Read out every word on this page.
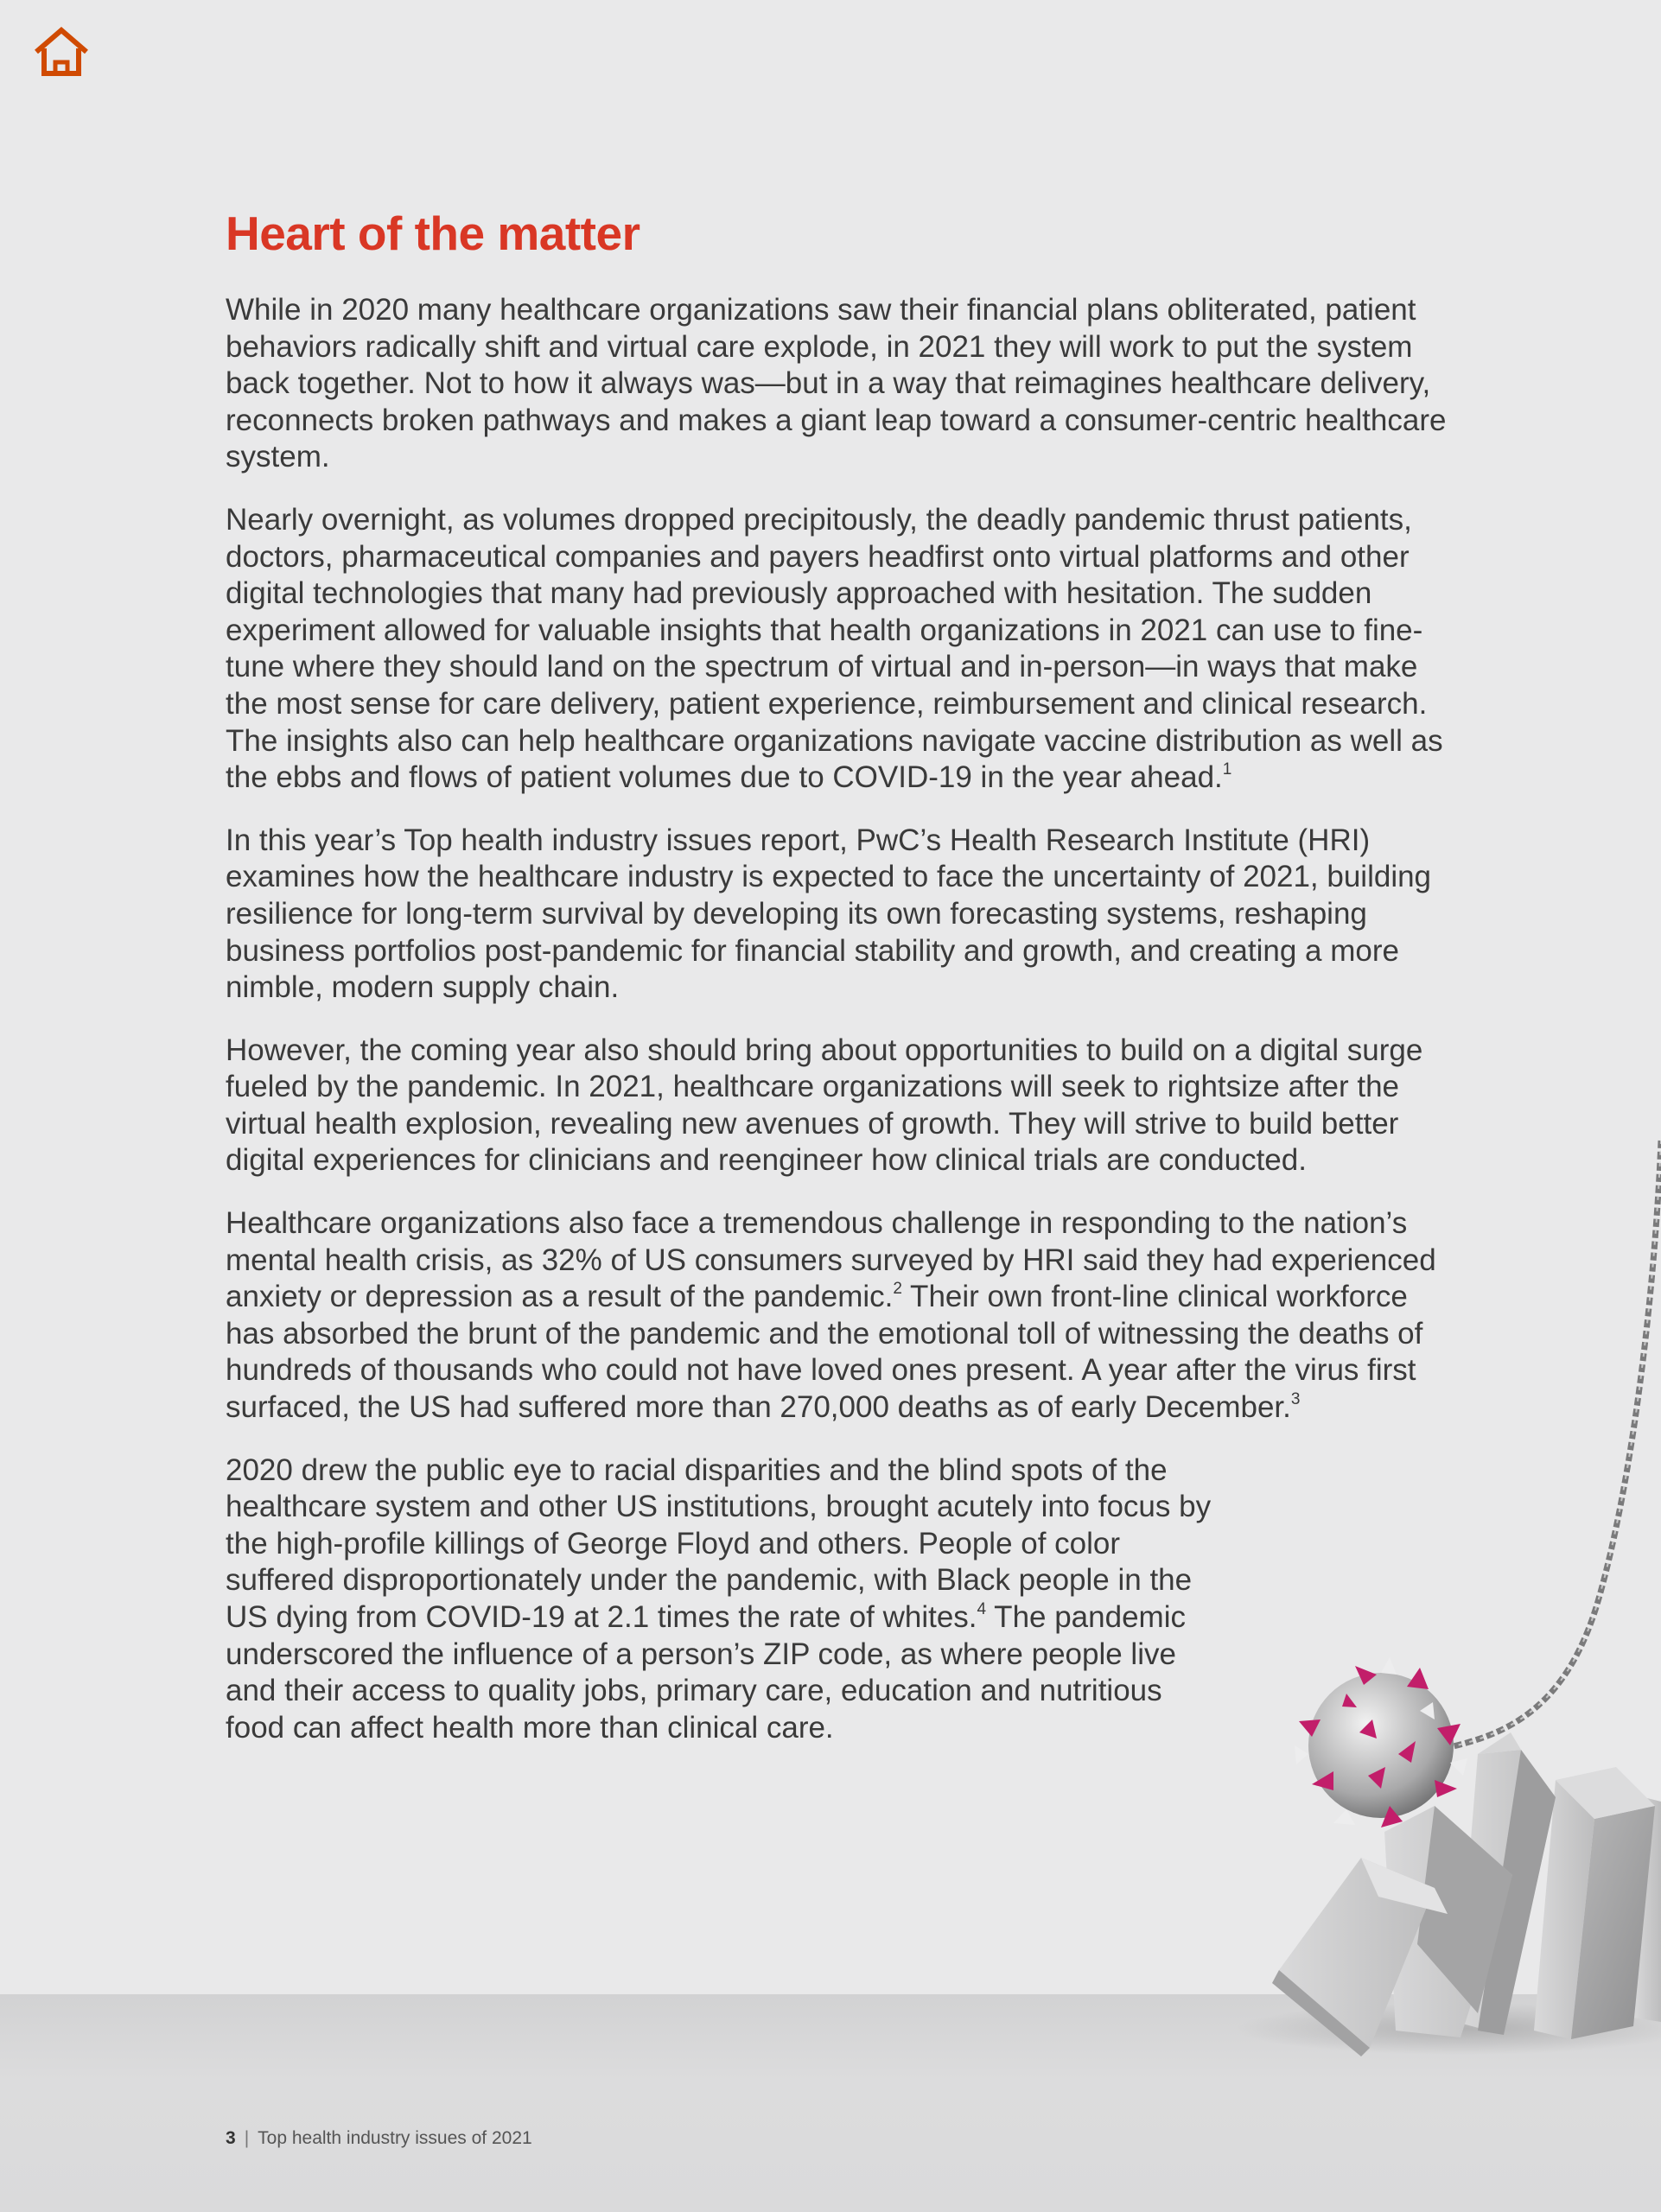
Heart of the matter

While in 2020 many healthcare organizations saw their financial plans obliterated, patient behaviors radically shift and virtual care explode, in 2021 they will work to put the system back together. Not to how it always was—but in a way that reimagines healthcare delivery, reconnects broken pathways and makes a giant leap toward a consumer-centric healthcare system.

Nearly overnight, as volumes dropped precipitously, the deadly pandemic thrust patients, doctors, pharmaceutical companies and payers headfirst onto virtual platforms and other digital technologies that many had previously approached with hesitation. The sudden experiment allowed for valuable insights that health organizations in 2021 can use to fine-tune where they should land on the spectrum of virtual and in-person—in ways that make the most sense for care delivery, patient experience, reimbursement and clinical research. The insights also can help healthcare organizations navigate vaccine distribution as well as the ebbs and flows of patient volumes due to COVID-19 in the year ahead.$^1$

In this year’s Top health industry issues report, PwC’s Health Research Institute (HRI) examines how the healthcare industry is expected to face the uncertainty of 2021, building resilience for long-term survival by developing its own forecasting systems, reshaping business portfolios post-pandemic for financial stability and growth, and creating a more nimble, modern supply chain.

However, the coming year also should bring about opportunities to build on a digital surge fueled by the pandemic. In 2021, healthcare organizations will seek to rightsize after the virtual health explosion, revealing new avenues of growth. They will strive to build better digital experiences for clinicians and reengineer how clinical trials are conducted.

Healthcare organizations also face a tremendous challenge in responding to the nation’s mental health crisis, as 32% of US consumers surveyed by HRI said they had experienced anxiety or depression as a result of the pandemic.$^2$ Their own front-line clinical workforce has absorbed the brunt of the pandemic and the emotional toll of witnessing the deaths of hundreds of thousands who could not have loved ones present. A year after the virus first surfaced, the US had suffered more than 270,000 deaths as of early December.$^3$

2020 drew the public eye to racial disparities and the blind spots of the healthcare system and other US institutions, brought acutely into focus by the high-profile killings of George Floyd and others. People of color suffered disproportionately under the pandemic, with Black people in the US dying from COVID-19 at 2.1 times the rate of whites.$^4$ The pandemic underscored the influence of a person’s ZIP code, as where people live and their access to quality jobs, primary care, education and nutritious food can affect health more than clinical care.

3 | Top health industry issues of 2021
